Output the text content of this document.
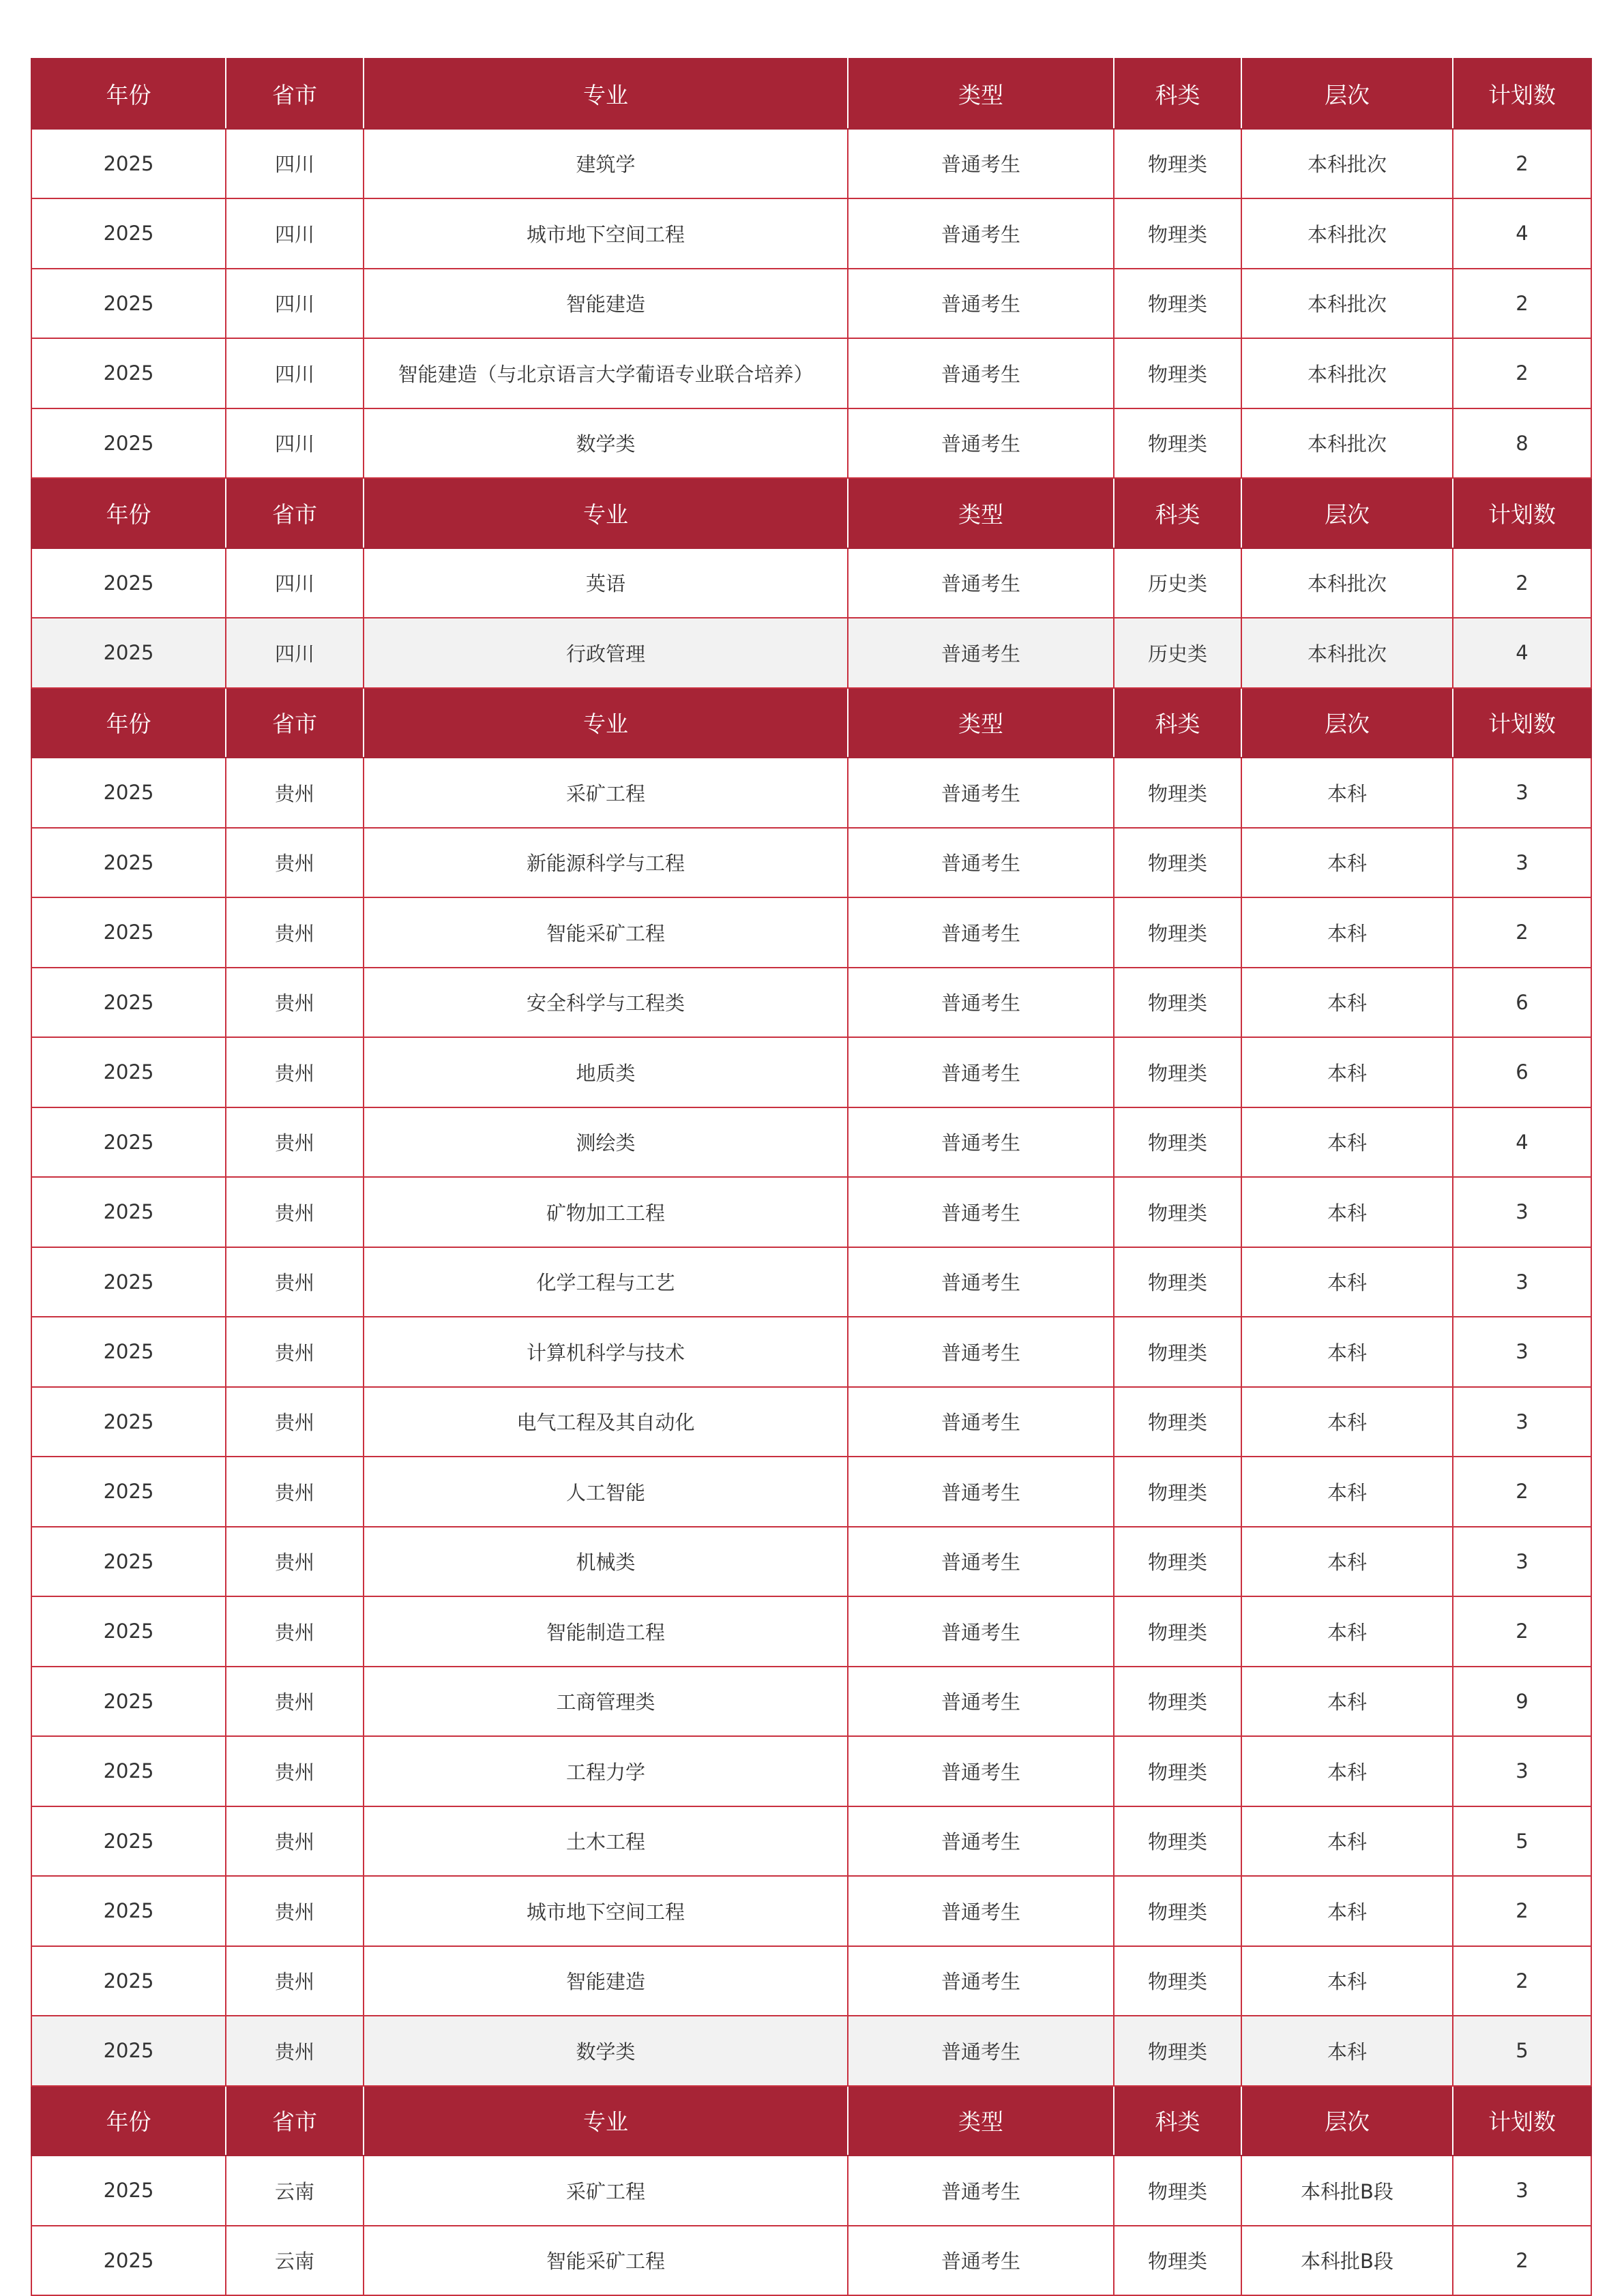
年份	省市	专业	类型	科类	层次	计划数
2025	四川	建筑学	普通考生	物理类	本科批次	2
2025	四川	城市地下空间工程	普通考生	物理类	本科批次	4
2025	四川	智能建造	普通考生	物理类	本科批次	2
2025	四川	智能建造（与北京语言大学葡语专业联合培养）	普通考生	物理类	本科批次	2
2025	四川	数学类	普通考生	物理类	本科批次	8
年份	省市	专业	类型	科类	层次	计划数
2025	四川	英语	普通考生	历史类	本科批次	2
2025	四川	行政管理	普通考生	历史类	本科批次	4
年份	省市	专业	类型	科类	层次	计划数
2025	贵州	采矿工程	普通考生	物理类	本科	3
2025	贵州	新能源科学与工程	普通考生	物理类	本科	3
2025	贵州	智能采矿工程	普通考生	物理类	本科	2
2025	贵州	安全科学与工程类	普通考生	物理类	本科	6
2025	贵州	地质类	普通考生	物理类	本科	6
2025	贵州	测绘类	普通考生	物理类	本科	4
2025	贵州	矿物加工工程	普通考生	物理类	本科	3
2025	贵州	化学工程与工艺	普通考生	物理类	本科	3
2025	贵州	计算机科学与技术	普通考生	物理类	本科	3
2025	贵州	电气工程及其自动化	普通考生	物理类	本科	3
2025	贵州	人工智能	普通考生	物理类	本科	2
2025	贵州	机械类	普通考生	物理类	本科	3
2025	贵州	智能制造工程	普通考生	物理类	本科	2
2025	贵州	工商管理类	普通考生	物理类	本科	9
2025	贵州	工程力学	普通考生	物理类	本科	3
2025	贵州	土木工程	普通考生	物理类	本科	5
2025	贵州	城市地下空间工程	普通考生	物理类	本科	2
2025	贵州	智能建造	普通考生	物理类	本科	2
2025	贵州	数学类	普通考生	物理类	本科	5
年份	省市	专业	类型	科类	层次	计划数
2025	云南	采矿工程	普通考生	物理类	本科批B段	3
2025	云南	智能采矿工程	普通考生	物理类	本科批B段	2
